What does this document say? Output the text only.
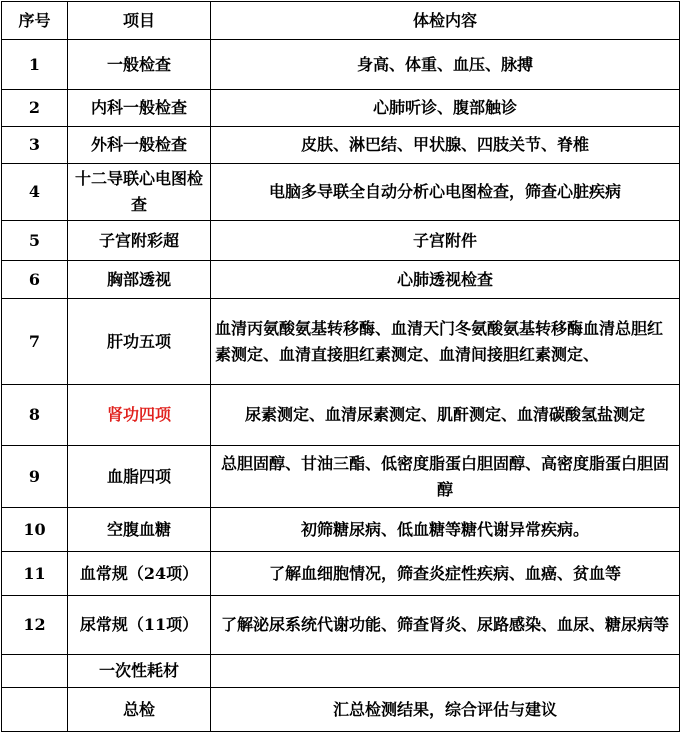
序号	项目	体检内容
1	一般检查	身高、体重、血压、脉搏
2	内科一般检查	心肺听诊、腹部触诊
3	外科一般检查	皮肤、淋巴结、甲状腺、四肢关节、脊椎
4	十二导联心电图检查	电脑多导联全自动分析心电图检查，筛查心脏疾病
5	子宫附彩超	子宫附件
6	胸部透视	心肺透视检查
7	肝功五项	血清丙氨酸氨基转移酶、血清天门冬氨酸氨基转移酶血清总胆红素测定、血清直接胆红素测定、血清间接胆红素测定、
8	肾功四项	尿素测定、血清尿素测定、肌酐测定、血清碳酸氢盐测定
9	血脂四项	总胆固醇、甘油三酯、低密度脂蛋白胆固醇、高密度脂蛋白胆固醇
10	空腹血糖	初筛糖尿病、低血糖等糖代谢异常疾病。
11	血常规（24项）	了解血细胞情况，筛查炎症性疾病、血癌、贫血等
12	尿常规（11项）	了解泌尿系统代谢功能、筛查肾炎、尿路感染、血尿、糖尿病等
	一次性耗材	
	总检	汇总检测结果，综合评估与建议
